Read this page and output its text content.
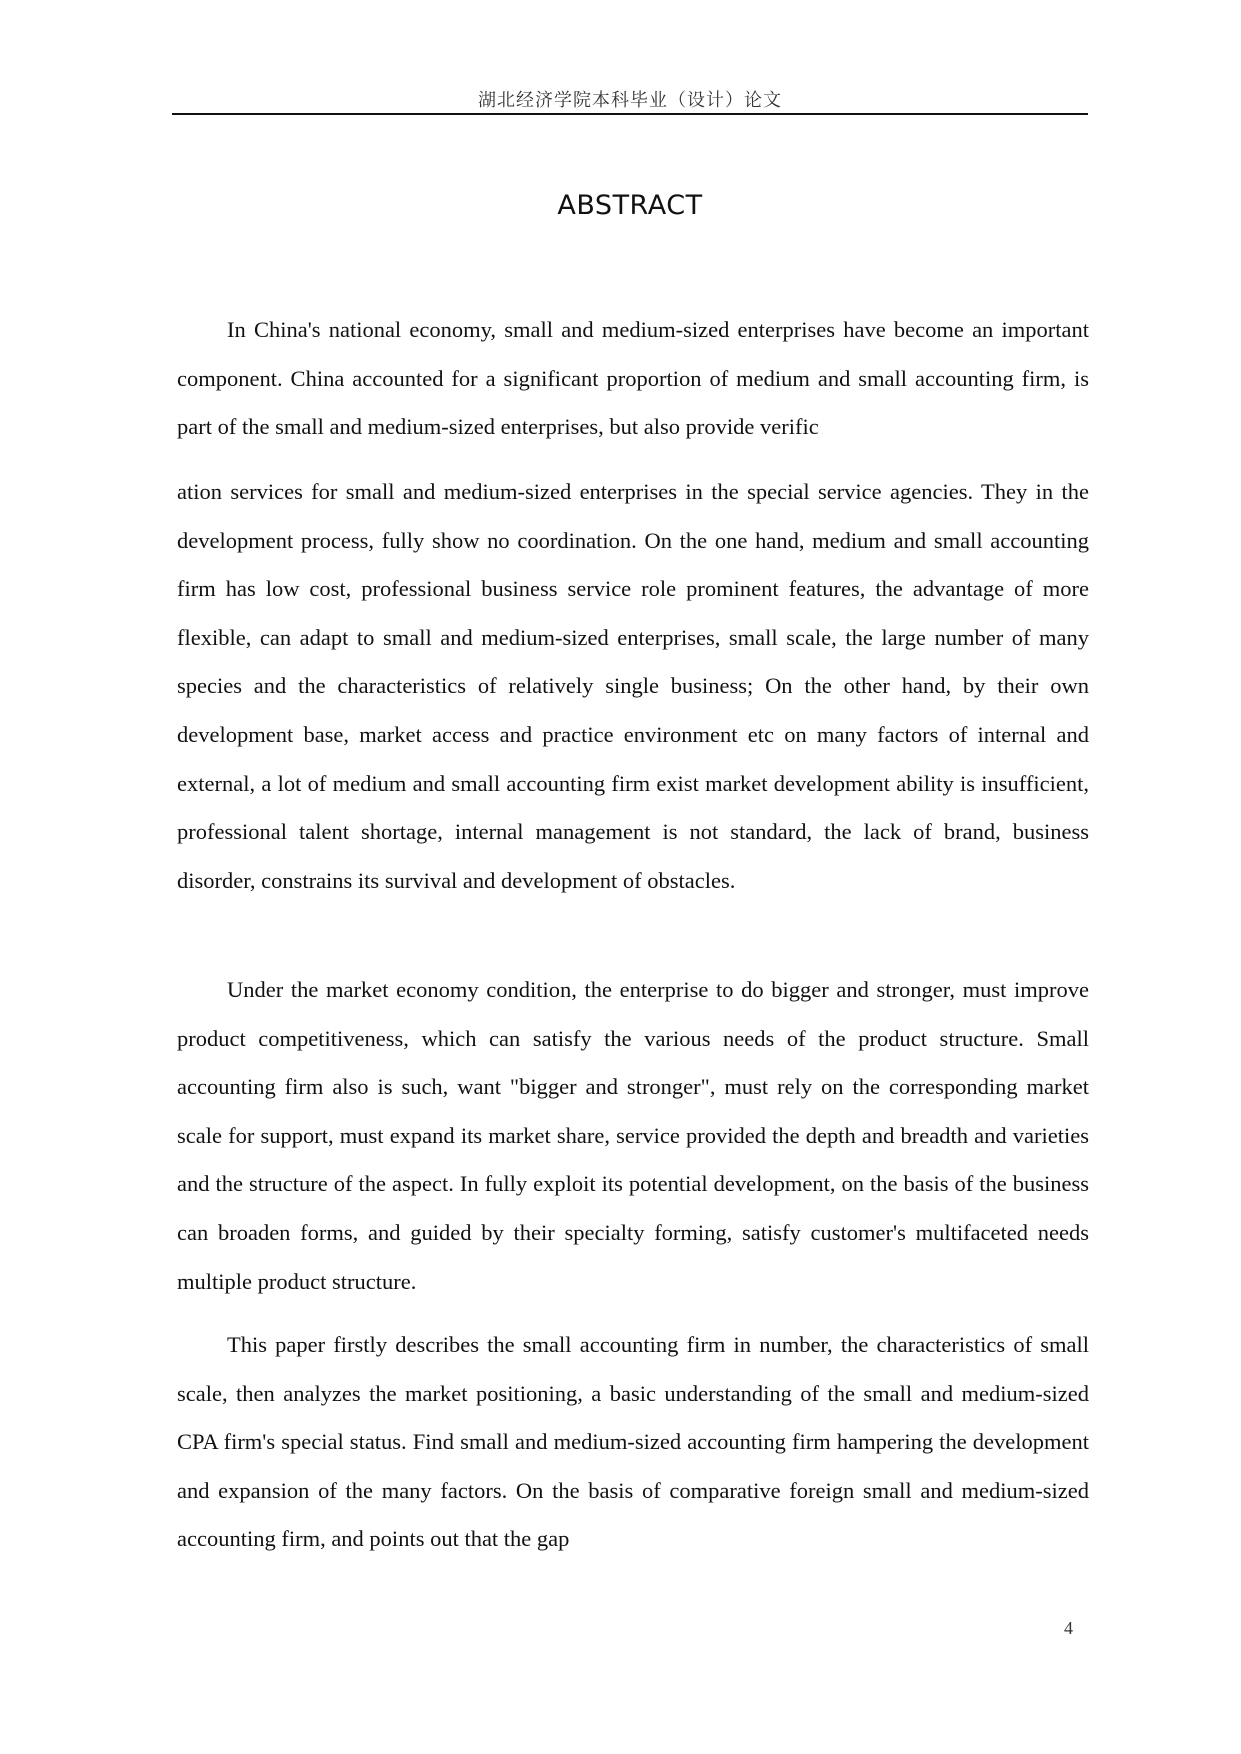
湖北经济学院本科毕业（设计）论文
ABSTRACT

In China's national economy, small and medium-sized enterprises have become an important component. China accounted for a significant proportion of medium and small accounting firm, is part of the small and medium-sized enterprises, but also provide verific

ation services for small and medium-sized enterprises in the special service agencies. They in the development process, fully show no coordination. On the one hand, medium and small accounting firm has low cost, professional business service role prominent features, the advantage of more flexible, can adapt to small and medium-sized enterprises, small scale, the large number of many species and the characteristics of relatively single business; On the other hand, by their own development base, market access and practice environment etc on many factors of internal and external, a lot of medium and small accounting firm exist market development ability is insufficient, professional talent shortage, internal management is not standard, the lack of brand, business disorder, constrains its survival and development of obstacles.

Under the market economy condition, the enterprise to do bigger and stronger, must improve product competitiveness, which can satisfy the various needs of the product structure. Small accounting firm also is such, want "bigger and stronger", must rely on the corresponding market scale for support, must expand its market share, service provided the depth and breadth and varieties and the structure of the aspect. In fully exploit its potential development, on the basis of the business can broaden forms, and guided by their specialty forming, satisfy customer's multifaceted needs multiple product structure.

This paper firstly describes the small accounting firm in number, the characteristics of small scale, then analyzes the market positioning, a basic understanding of the small and medium-sized CPA firm's special status. Find small and medium-sized accounting firm hampering the development and expansion of the many factors. On the basis of comparative foreign small and medium-sized accounting firm, and points out that the gap

4
